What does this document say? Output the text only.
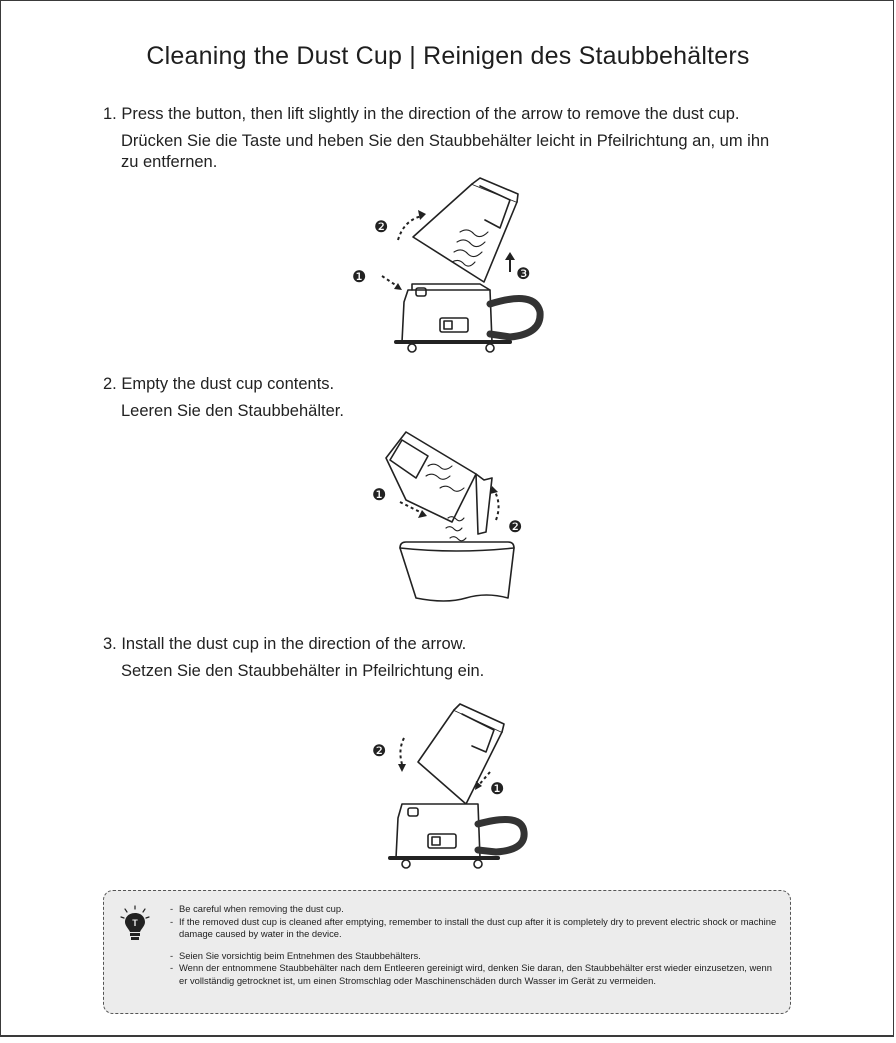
Cleaning the Dust Cup | Reinigen des Staubbehälters
1. Press the button, then lift slightly in the direction of the arrow to remove the dust cup.
Drücken Sie die Taste und heben Sie den Staubbehälter leicht in Pfeilrichtung an, um ihn zu entfernen.
❶
❷
❸
2. Empty the dust cup contents.
Leeren Sie den Staubbehälter.
❶
❷
3. Install the dust cup in the direction of the arrow.
Setzen Sie den Staubbehälter in Pfeilrichtung ein.
❷
❶
T
- Be careful when removing the dust cup.
- If the removed dust cup is cleaned after emptying, remember to install the dust cup after it is completely dry to prevent electric shock or machine damage caused by water in the device.
- Seien Sie vorsichtig beim Entnehmen des Staubbehälters.
- Wenn der entnommene Staubbehälter nach dem Entleeren gereinigt wird, denken Sie daran, den Staubbehälter erst wieder einzusetzen, wenn er vollständig getrocknet ist, um einen Stromschlag oder Maschinenschäden durch Wasser im Gerät zu vermeiden.
